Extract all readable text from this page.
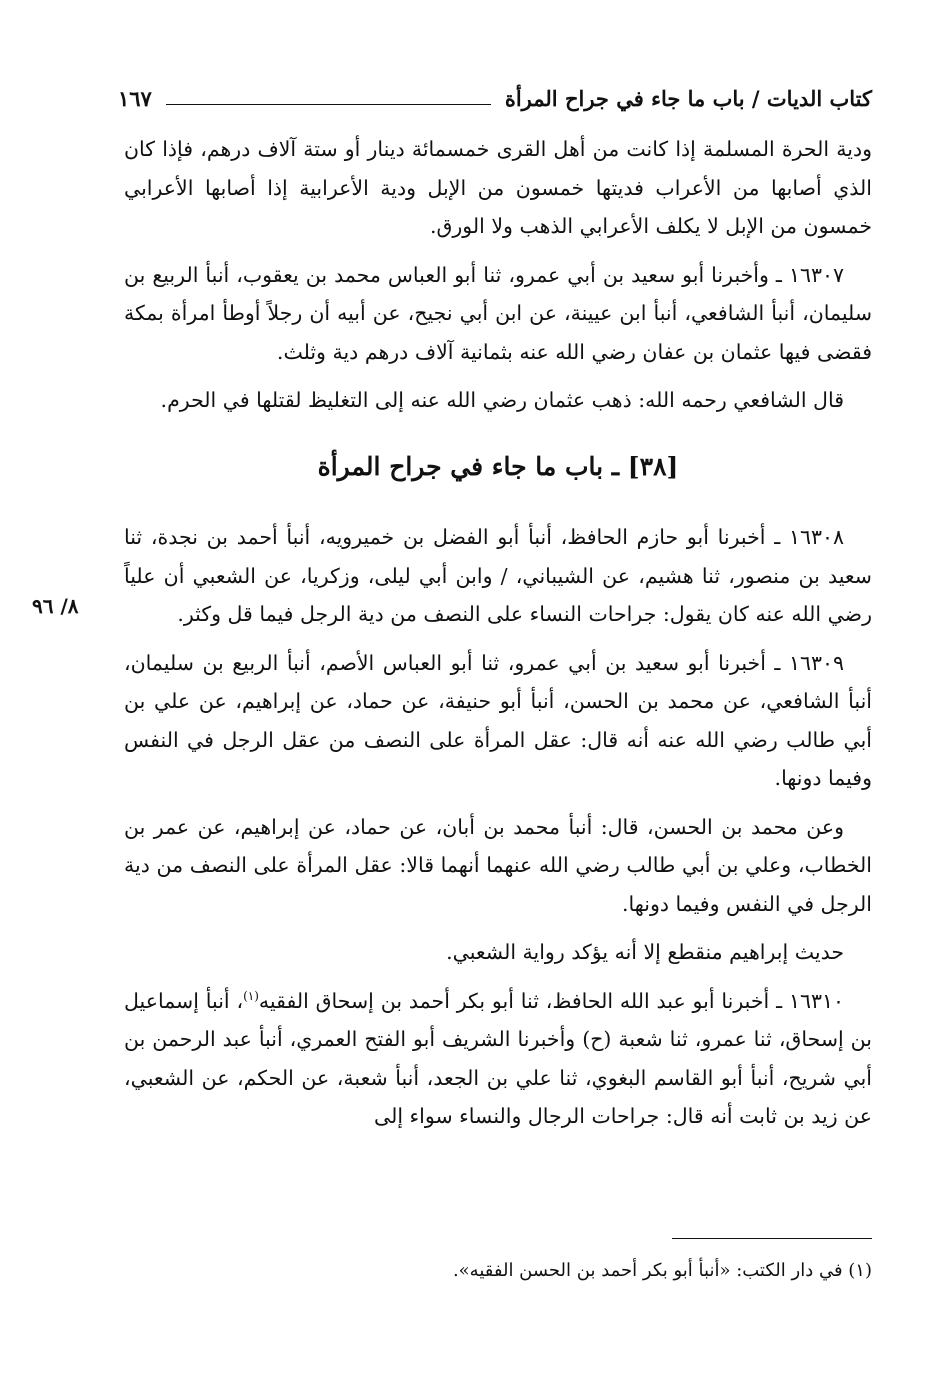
كتاب الديات / باب ما جاء في جراح المرأة
١٦٧
٨/ ٩٦

ودية الحرة المسلمة إذا كانت من أهل القرى خمسمائة دينار أو ستة آلاف درهم، فإذا كان الذي أصابها من الأعراب فديتها خمسون من الإبل ودية الأعرابية إذا أصابها الأعرابي خمسون من الإبل لا يكلف الأعرابي الذهب ولا الورق.

١٦٣٠٧ ـ وأخبرنا أبو سعيد بن أبي عمرو، ثنا أبو العباس محمد بن يعقوب، أنبأ الربيع بن سليمان، أنبأ الشافعي، أنبأ ابن عيينة، عن ابن أبي نجيح، عن أبيه أن رجلاً أوطأ امرأة بمكة فقضى فيها عثمان بن عفان رضي الله عنه بثمانية آلاف درهم دية وثلث.

قال الشافعي رحمه الله: ذهب عثمان رضي الله عنه إلى التغليظ لقتلها في الحرم.

[٣٨] ـ باب ما جاء في جراح المرأة

١٦٣٠٨ ـ أخبرنا أبو حازم الحافظ، أنبأ أبو الفضل بن خميرويه، أنبأ أحمد بن نجدة، ثنا سعيد بن منصور، ثنا هشيم، عن الشيباني، / وابن أبي ليلى، وزكريا، عن الشعبي أن علياً رضي الله عنه كان يقول: جراحات النساء على النصف من دية الرجل فيما قل وكثر.

١٦٣٠٩ ـ أخبرنا أبو سعيد بن أبي عمرو، ثنا أبو العباس الأصم، أنبأ الربيع بن سليمان، أنبأ الشافعي، عن محمد بن الحسن، أنبأ أبو حنيفة، عن حماد، عن إبراهيم، عن علي بن أبي طالب رضي الله عنه أنه قال: عقل المرأة على النصف من عقل الرجل في النفس وفيما دونها.

وعن محمد بن الحسن، قال: أنبأ محمد بن أبان، عن حماد، عن إبراهيم، عن عمر بن الخطاب، وعلي بن أبي طالب رضي الله عنهما أنهما قالا: عقل المرأة على النصف من دية الرجل في النفس وفيما دونها.

حديث إبراهيم منقطع إلا أنه يؤكد رواية الشعبي.

١٦٣١٠ ـ أخبرنا أبو عبد الله الحافظ، ثنا أبو بكر أحمد بن إسحاق الفقيه$^{(١)}$، أنبأ إسماعيل بن إسحاق، ثنا عمرو، ثنا شعبة (ح) وأخبرنا الشريف أبو الفتح العمري، أنبأ عبد الرحمن بن أبي شريح، أنبأ أبو القاسم البغوي، ثنا علي بن الجعد، أنبأ شعبة، عن الحكم، عن الشعبي، عن زيد بن ثابت أنه قال: جراحات الرجال والنساء سواء إلى

(١) في دار الكتب: «أنبأ أبو بكر أحمد بن الحسن الفقيه».
